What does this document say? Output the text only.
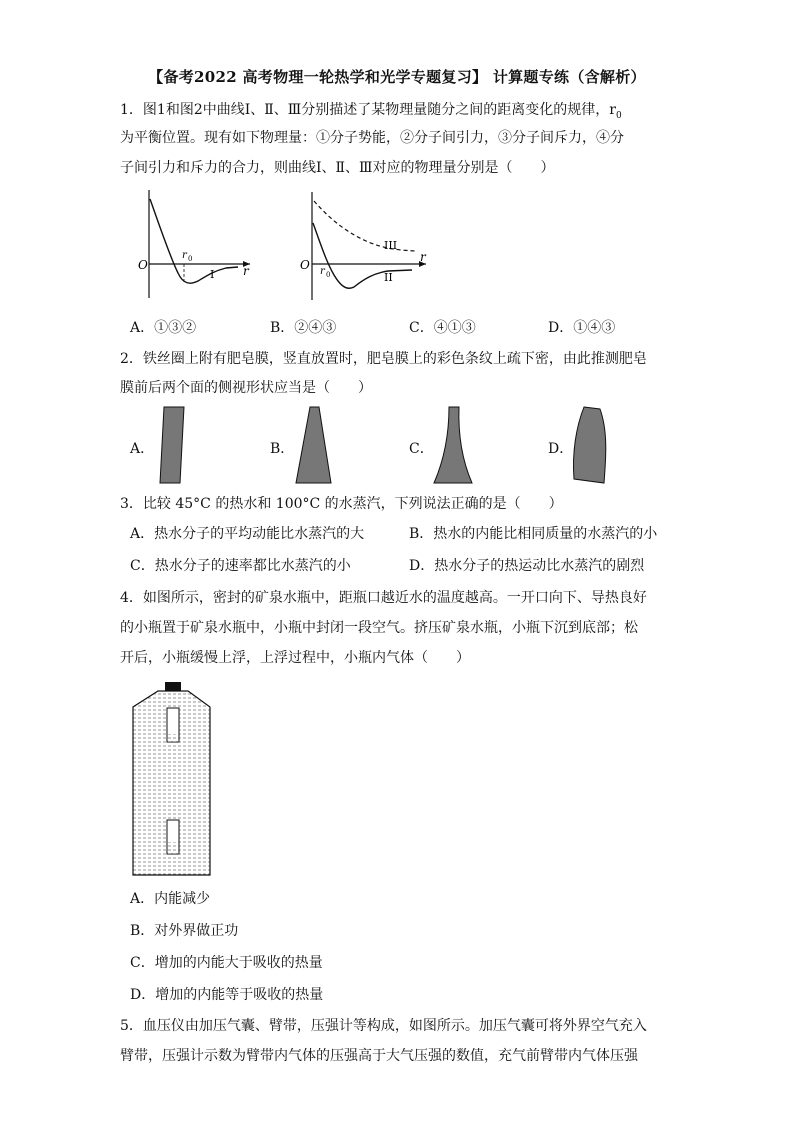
【备考2022 高考物理一轮热学和光学专题复习】 计算题专练（含解析）
1．图1和图2中曲线Ⅰ、Ⅱ、Ⅲ分别描述了某物理量随分之间的距离变化的规律，$r_0$
为平衡位置。现有如下物理量：①分子势能，②分子间引力，③分子间斥力，④分
子间引力和斥力的合力，则曲线Ⅰ、Ⅱ、Ⅲ对应的物理量分别是（　　）
O	r
r 0
I
O
r
r 0
III
II
A．①③②	B．②④③	C．④①③	D．①④③
2．铁丝圈上附有肥皂膜，竖直放置时，肥皂膜上的彩色条纹上疏下密，由此推测肥皂
膜前后两个面的侧视形状应当是（　　）
A．	B．	C．	D．
3．比较 45°C 的热水和 100°C 的水蒸汽，下列说法正确的是（　　）
A．热水分子的平均动能比水蒸汽的大	B．热水的内能比相同质量的水蒸汽的小
C．热水分子的速率都比水蒸汽的小	D．热水分子的热运动比水蒸汽的剧烈
4．如图所示，密封的矿泉水瓶中，距瓶口越近水的温度越高。一开口向下、导热良好
的小瓶置于矿泉水瓶中，小瓶中封闭一段空气。挤压矿泉水瓶，小瓶下沉到底部；松
开后，小瓶缓慢上浮，上浮过程中，小瓶内气体（　　）
A．内能减少
B．对外界做正功
C．增加的内能大于吸收的热量
D．增加的内能等于吸收的热量
5．血压仪由加压气囊、臂带，压强计等构成，如图所示。加压气囊可将外界空气充入
臂带，压强计示数为臂带内气体的压强高于大气压强的数值，充气前臂带内气体压强
